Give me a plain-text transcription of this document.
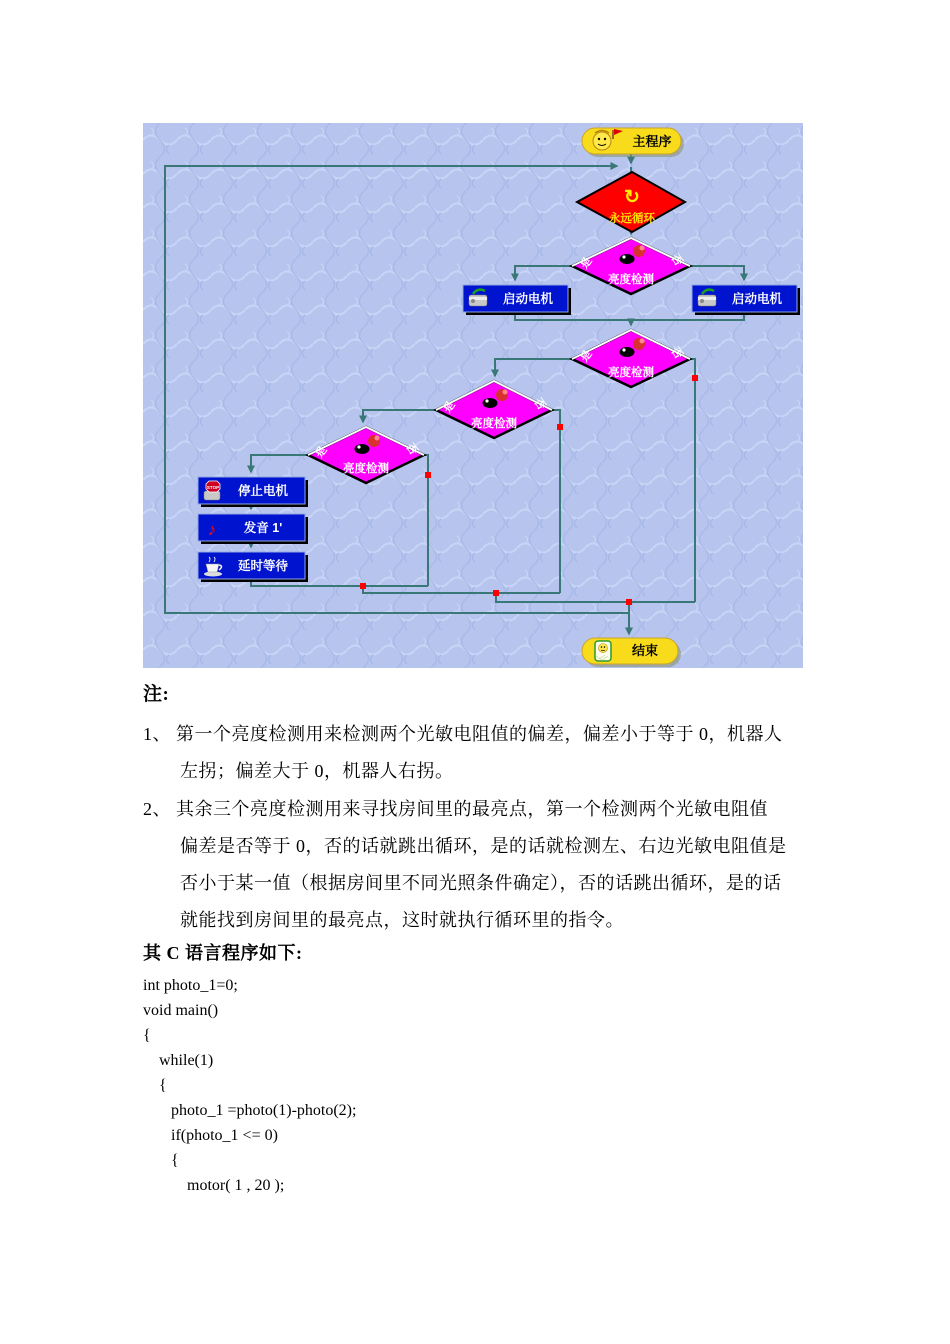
主程序
↻
永远循环
亮度检测
是	否
亮度检测
是	否
亮度检测
是	否
亮度检测
是	否
启动电机	启动电机
STOP 停止电机
♪ 发音 1'
延时等待
结束
注:
1、 第一个亮度检测用来检测两个光敏电阻值的偏差，偏差小于等于 0，机器人
左拐；偏差大于 0，机器人右拐。
2、 其余三个亮度检测用来寻找房间里的最亮点，第一个检测两个光敏电阻值
偏差是否等于 0，否的话就跳出循环，是的话就检测左、右边光敏电阻值是
否小于某一值（根据房间里不同光照条件确定），否的话跳出循环，是的话
就能找到房间里的最亮点，这时就执行循环里的指令。
其 C 语言程序如下:
int photo_1=0;
void main()
{
while(1)
{
photo_1 =photo(1)-photo(2);
if(photo_1 <= 0)
{
motor( 1 , 20 );
